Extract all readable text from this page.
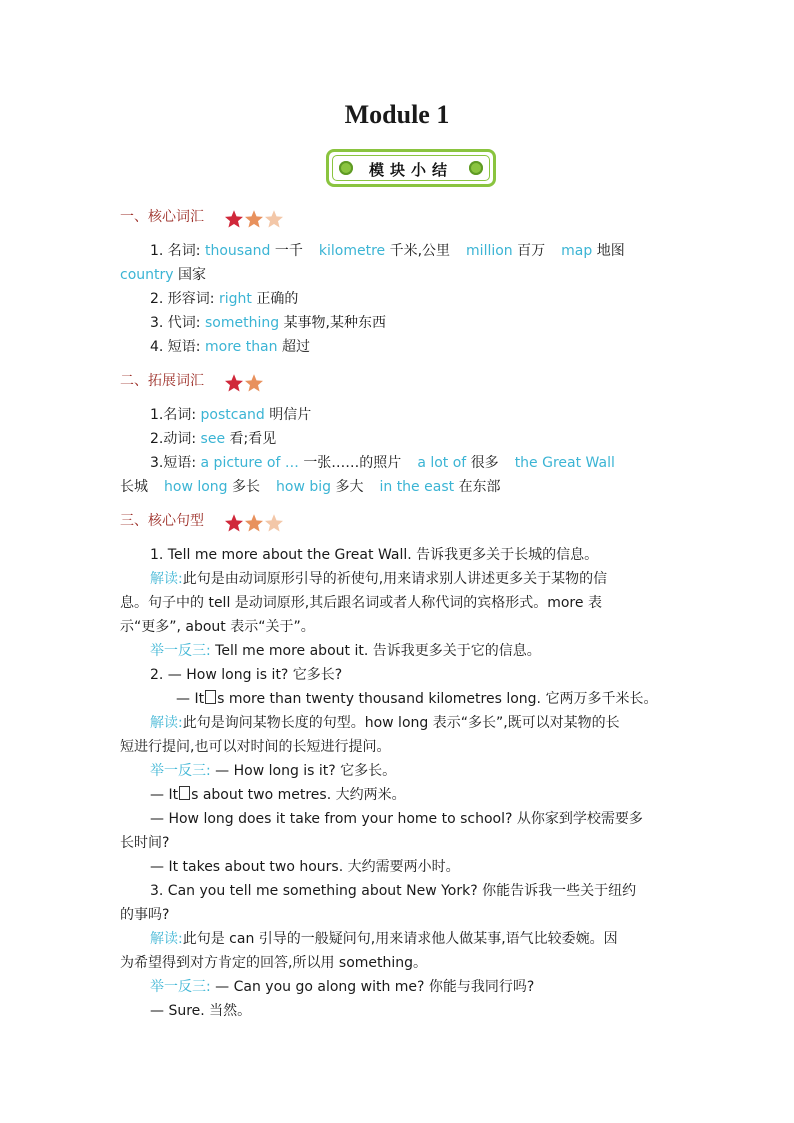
Module 1
模块小结
一、核心词汇
1. 名词: thousand 一千 kilometre 千米,公里 million 百万 map 地图
country 国家
2. 形容词: right 正确的
3. 代词: something 某事物,某种东西
4. 短语: more than 超过
二、拓展词汇
1.名词: postcand 明信片
2.动词: see 看;看见
3.短语: a picture of … 一张……的照片 a lot of 很多 the Great Wall
长城 how long 多长 how big 多大 in the east 在东部
三、核心句型
1. Tell me more about the Great Wall. 告诉我更多关于长城的信息。
解读:此句是由动词原形引导的祈使句,用来请求别人讲述更多关于某物的信
息。句子中的 tell 是动词原形,其后跟名词或者人称代词的宾格形式。more 表
示“更多”, about 表示“关于”。
举一反三: Tell me more about it. 告诉我更多关于它的信息。
2. — How long is it? 它多长?
— It s more than twenty thousand kilometres long. 它两万多千米长。
解读:此句是询问某物长度的句型。how long 表示“多长”,既可以对某物的长
短进行提问,也可以对时间的长短进行提问。
举一反三: — How long is it? 它多长。
— It s about two metres. 大约两米。
— How long does it take from your home to school? 从你家到学校需要多
长时间?
— It takes about two hours. 大约需要两小时。
3. Can you tell me something about New York? 你能告诉我一些关于纽约
的事吗?
解读:此句是 can 引导的一般疑问句,用来请求他人做某事,语气比较委婉。因
为希望得到对方肯定的回答,所以用 something。
举一反三: — Can you go along with me? 你能与我同行吗?
— Sure. 当然。
